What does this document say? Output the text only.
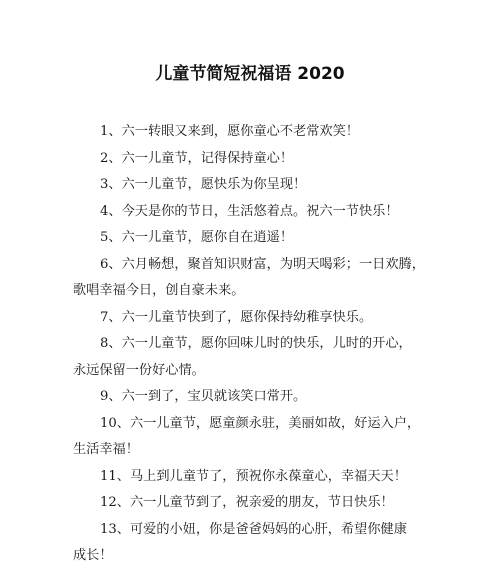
儿童节简短祝福语 2020
1、六一转眼又来到，愿你童心不老常欢笑！
2、六一儿童节，记得保持童心！
3、六一儿童节，愿快乐为你呈现！
4、今天是你的节日，生活悠着点。祝六一节快乐！
5、六一儿童节，愿你自在逍遥！
6、六月畅想，聚首知识财富，为明天喝彩；一日欢腾，
歌唱幸福今日，创自豪未来。
7、六一儿童节快到了，愿你保持幼稚享快乐。
8、六一儿童节，愿你回味儿时的快乐，儿时的开心，
永远保留一份好心情。
9、六一到了，宝贝就该笑口常开。
10、六一儿童节，愿童颜永驻，美丽如故，好运入户，
生活幸福！
11、马上到儿童节了，预祝你永葆童心，幸福天天！
12、六一儿童节到了，祝亲爱的朋友，节日快乐！
13、可爱的小妞，你是爸爸妈妈的心肝，希望你健康
成长！
